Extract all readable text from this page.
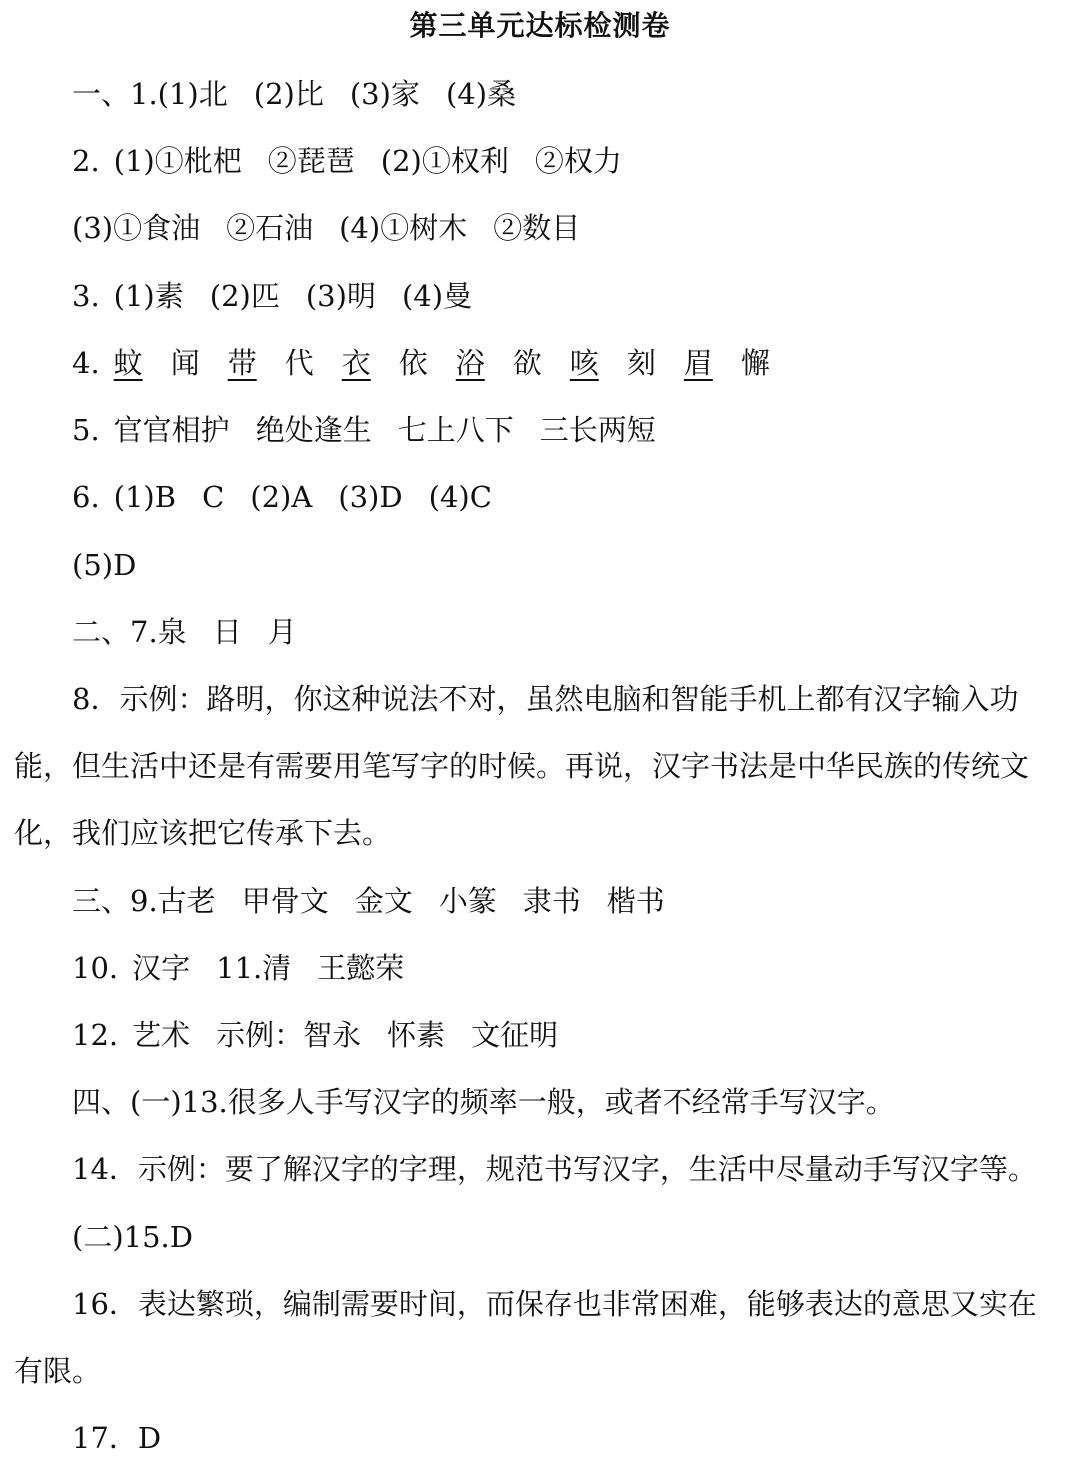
第三单元达标检测卷
一、1.(1)北 (2)比 (3)家 (4)桑
2. (1)①枇杷 ②琵琶 (2)①权利 ②权力
(3)①食油 ②石油 (4)①树木 ②数目
3. (1)素 (2)匹 (3)明 (4)曼
4. 蚊 闻 带 代 衣 依 浴 欲 咳 刻 眉 懈
5. 官官相护 绝处逢生 七上八下 三长两短
6. (1)B C (2)A (3)D (4)C
(5)D
二、7.泉 日 月
8．示例：路明，你这种说法不对，虽然电脑和智能手机上都有汉字输入功
能，但生活中还是有需要用笔写字的时候。再说，汉字书法是中华民族的传统文
化，我们应该把它传承下去。
三、9.古老 甲骨文 金文 小篆 隶书 楷书
10. 汉字 11.清 王懿荣
12. 艺术 示例：智永 怀素 文征明
四、(一)13.很多人手写汉字的频率一般，或者不经常手写汉字。
14．示例：要了解汉字的字理，规范书写汉字，生活中尽量动手写汉字等。
(二)15.D
16．表达繁琐，编制需要时间，而保存也非常困难，能够表达的意思又实在
有限。
17．D
